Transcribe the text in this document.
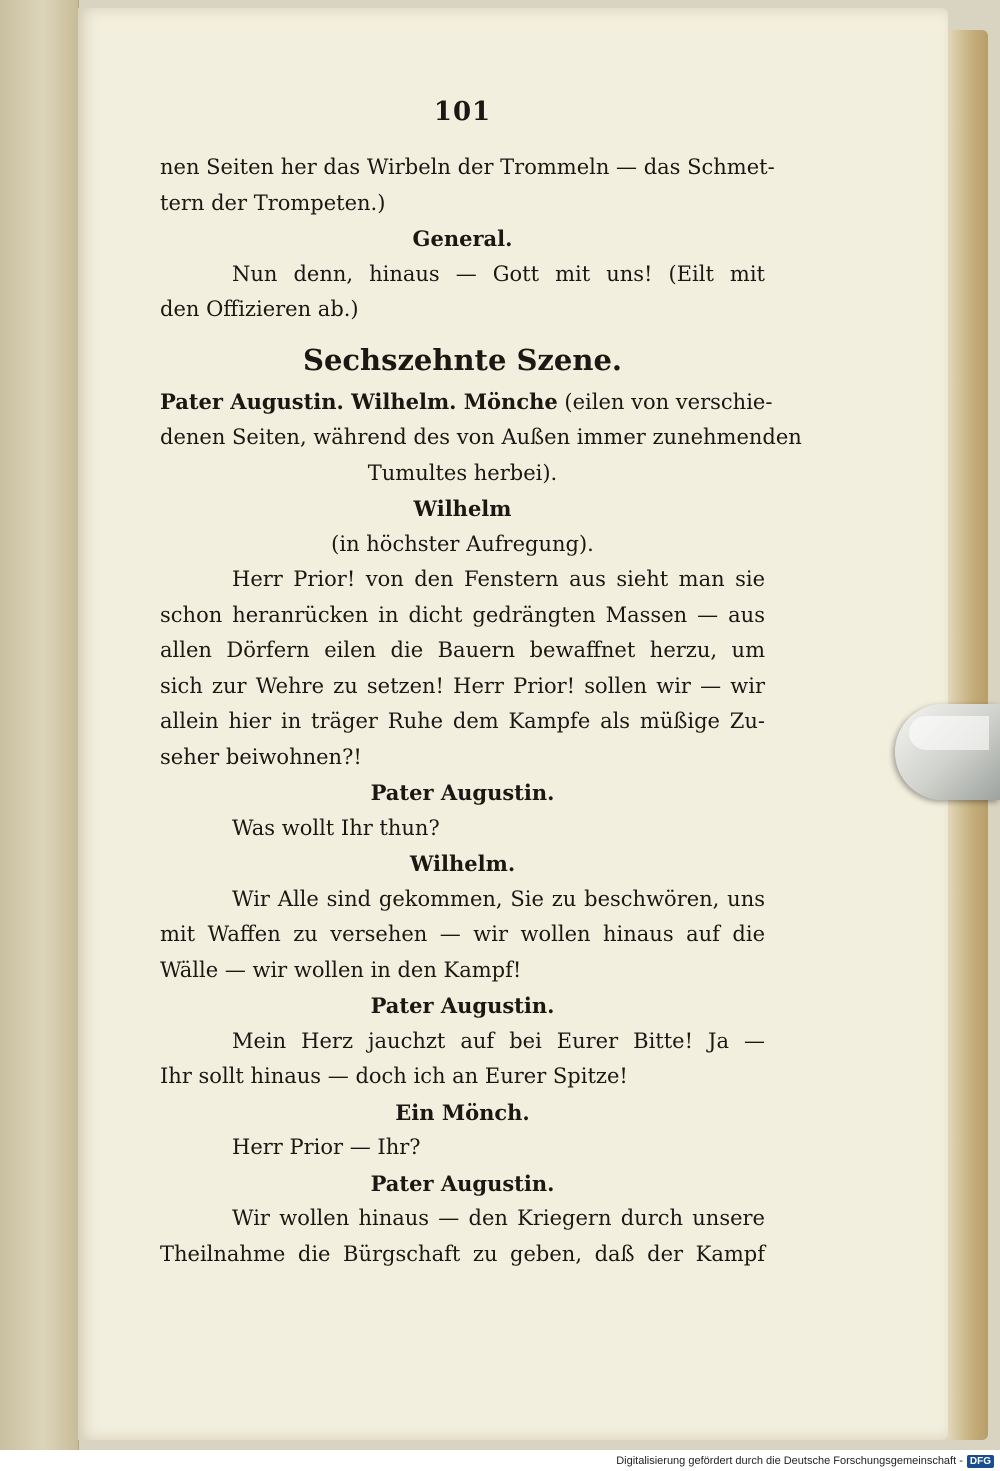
101
nen Seiten her das Wirbeln der Trommeln — das Schmet-
tern der Trompeten.)
General.
Nun denn, hinaus — Gott mit uns! (Eilt mit
den Offizieren ab.)
Sechszehnte Szene.
Pater Augustin. Wilhelm. Mönche (eilen von verschie-
denen Seiten, während des von Außen immer zunehmenden
Tumultes herbei).
Wilhelm
(in höchster Aufregung).
Herr Prior! von den Fenstern aus sieht man sie
schon heranrücken in dicht gedrängten Massen — aus
allen Dörfern eilen die Bauern bewaffnet herzu, um
sich zur Wehre zu setzen! Herr Prior! sollen wir — wir
allein hier in träger Ruhe dem Kampfe als müßige Zu-
seher beiwohnen?!
Pater Augustin.
Was wollt Ihr thun?
Wilhelm.
Wir Alle sind gekommen, Sie zu beschwören, uns
mit Waffen zu versehen — wir wollen hinaus auf die
Wälle — wir wollen in den Kampf!
Pater Augustin.
Mein Herz jauchzt auf bei Eurer Bitte! Ja —
Ihr sollt hinaus — doch ich an Eurer Spitze!
Ein Mönch.
Herr Prior — Ihr?
Pater Augustin.
Wir wollen hinaus — den Kriegern durch unsere
Theilnahme die Bürgschaft zu geben, daß der Kampf
Digitalisierung gefördert durch die Deutsche Forschungsgemeinschaft - DFG
